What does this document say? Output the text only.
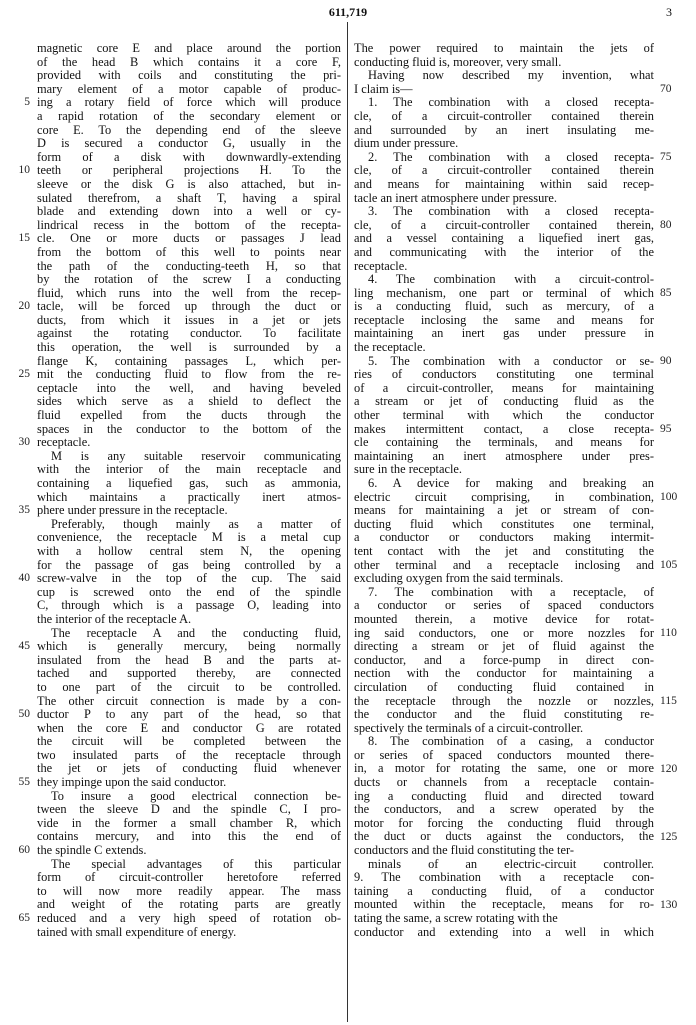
611,719	3
magnetic core E and place around the portion
of the head B which contains it a core F,
provided with coils and constituting the pri-
mary element of a motor capable of produc-
ing a rotary field of force which will produce
a rapid rotation of the secondary element or
core E. To the depending end of the sleeve
D is secured a conductor G, usually in the
form of a disk with downwardly-extending
teeth or peripheral projections H. To the
sleeve or the disk G is also attached, but in-
sulated therefrom, a shaft T, having a spiral
blade and extending down into a well or cy-
lindrical recess in the bottom of the recepta-
cle. One or more ducts or passages J lead
from the bottom of this well to points near
the path of the conducting-teeth H, so that
by the rotation of the screw I a conducting
fluid, which runs into the well from the recep-
tacle, will be forced up through the duct or
ducts, from which it issues in a jet or jets
against the rotating conductor. To facilitate
this operation, the well is surrounded by a
flange K, containing passages L, which per-
mit the conducting fluid to flow from the re-
ceptacle into the well, and having beveled
sides which serve as a shield to deflect the
fluid expelled from the ducts through the
spaces in the conductor to the bottom of the
receptacle.
M is any suitable reservoir communicating
with the interior of the main receptacle and
containing a liquefied gas, such as ammonia,
which maintains a practically inert atmos-
phere under pressure in the receptacle.
Preferably, though mainly as a matter of
convenience, the receptacle M is a metal cup
with a hollow central stem N, the opening
for the passage of gas being controlled by a
screw-valve in the top of the cup. The said
cup is screwed onto the end of the spindle
C, through which is a passage O, leading into
the interior of the receptacle A.
The receptacle A and the conducting fluid,
which is generally mercury, being normally
insulated from the head B and the parts at-
tached and supported thereby, are connected
to one part of the circuit to be controlled.
The other circuit connection is made by a con-
ductor P to any part of the head, so that
when the core E and conductor G are rotated
the circuit will be completed between the
two insulated parts of the receptacle through
the jet or jets of conducting fluid whenever
they impinge upon the said conductor.
To insure a good electrical connection be-
tween the sleeve D and the spindle C, I pro-
vide in the former a small chamber R, which
contains mercury, and into this the end of
the spindle C extends.
The special advantages of this particular
form of circuit-controller heretofore referred
to will now more readily appear. The mass
and weight of the rotating parts are greatly
reduced and a very high speed of rotation ob-
tained with small expenditure of energy.
The power required to maintain the jets of
conducting fluid is, moreover, very small.
Having now described my invention, what
I claim is—
1. The combination with a closed recepta-
cle, of a circuit-controller contained therein
and surrounded by an inert insulating me-
dium under pressure.
2. The combination with a closed recepta-
cle, of a circuit-controller contained therein
and means for maintaining within said recep-
tacle an inert atmosphere under pressure.
3. The combination with a closed recepta-
cle, of a circuit-controller contained therein,
and a vessel containing a liquefied inert gas,
and communicating with the interior of the
receptacle.
4. The combination with a circuit-control-
ling mechanism, one part or terminal of which
is a conducting fluid, such as mercury, of a
receptacle inclosing the same and means for
maintaining an inert gas under pressure in
the receptacle.
5. The combination with a conductor or se-
ries of conductors constituting one terminal
of a circuit-controller, means for maintaining
a stream or jet of conducting fluid as the
other terminal with which the conductor
makes intermittent contact, a close recepta-
cle containing the terminals, and means for
maintaining an inert atmosphere under pres-
sure in the receptacle.
6. A device for making and breaking an
electric circuit comprising, in combination,
means for maintaining a jet or stream of con-
ducting fluid which constitutes one terminal,
a conductor or conductors making intermit-
tent contact with the jet and constituting the
other terminal and a receptacle inclosing and
excluding oxygen from the said terminals.
7. The combination with a receptacle, of
a conductor or series of spaced conductors
mounted therein, a motive device for rotat-
ing said conductors, one or more nozzles for
directing a stream or jet of fluid against the
conductor, and a force-pump in direct con-
nection with the conductor for maintaining a
circulation of conducting fluid contained in
the receptacle through the nozzle or nozzles,
the conductor and the fluid constituting re-
spectively the terminals of a circuit-controller.
8. The combination of a casing, a conductor
or series of spaced conductors mounted there-
in, a motor for rotating the same, one or more
ducts or channels from a receptacle contain-
ing a conducting fluid and directed toward
the conductors, and a screw operated by the
motor for forcing the conducting fluid through
the duct or ducts against the conductors, the
conductors and the fluid constituting the ter-
minals of an electric-circuit controller.
9. The combination with a receptacle con-
taining a conducting fluid, of a conductor
mounted within the receptacle, means for ro-
tating the same, a screw rotating with the
conductor and extending into a well in which
5
10
15
20
25
30
35
40
45
50
55
60
65
70
75
80
85
90
95
100
105
110
115
120
125
130
